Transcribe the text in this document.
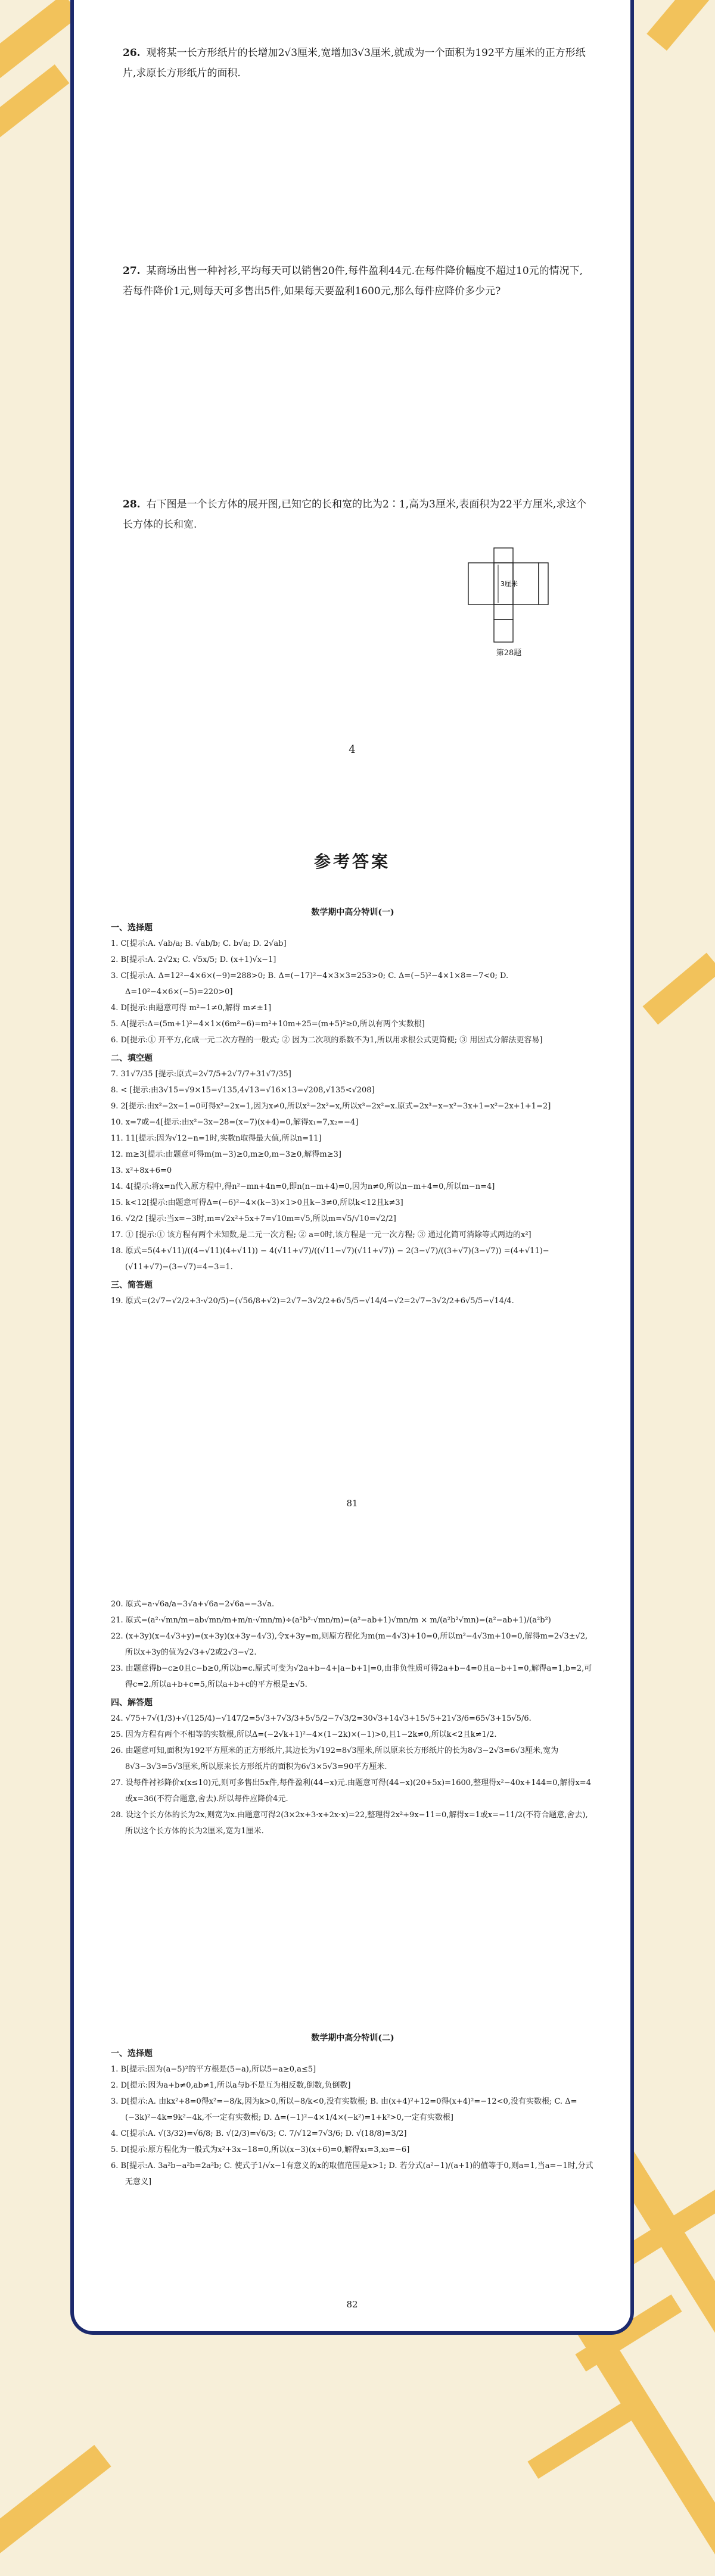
26. 观将某一长方形纸片的长增加2√3厘米,宽增加3√3厘米,就成为一个面积为192平方厘米的正方形纸片,求原长方形纸片的面积.
27. 某商场出售一种衬衫,平均每天可以销售20件,每件盈利44元.在每件降价幅度不超过10元的情况下,若每件降价1元,则每天可多售出5件,如果每天要盈利1600元,那么每件应降价多少元?
28. 右下图是一个长方体的展开图,已知它的长和宽的比为2∶1,高为3厘米,表面积为22平方厘米,求这个长方体的长和宽.
3厘米
第28题
4
参考答案
数学期中高分特训(一)
一、选择题
1. C[提示:A. √ab/a; B. √ab/b; C. b√a; D. 2√ab]
2. B[提示:A. 2√2x; C. √5x/5; D. (x+1)√x−1]
3. C[提示:A. Δ=12²−4×6×(−9)=288>0; B. Δ=(−17)²−4×3×3=253>0; C. Δ=(−5)²−4×1×8=−7<0; D. Δ=10²−4×6×(−5)=220>0]
4. D[提示:由题意可得 m²−1≠0,解得 m≠±1]
5. A[提示:Δ=(5m+1)²−4×1×(6m²−6)=m²+10m+25=(m+5)²≥0,所以有两个实数根]
6. D[提示:① 开平方,化成一元二次方程的一般式; ② 因为二次项的系数不为1,所以用求根公式更简便; ③ 用因式分解法更容易]
二、填空题
7. 31√7/35 [提示:原式=2√7/5+2√7/7+31√7/35]
8. < [提示:由3√15=√9×15=√135,4√13=√16×13=√208,√135<√208]
9. 2[提示:由x²−2x−1=0可得x²−2x=1,因为x≠0,所以x²−2x²=x,所以x³−2x²=x.原式=2x³−x−x²−3x+1=x²−2x+1+1=2]
10. x=7或−4[提示:由x²−3x−28=(x−7)(x+4)=0,解得x₁=7,x₂=−4]
11. 11[提示:因为√12−n=1时,实数n取得最大值,所以n=11]
12. m≥3[提示:由题意可得m(m−3)≥0,m≥0,m−3≥0,解得m≥3]
13. x²+8x+6=0
14. 4[提示:将x=n代入原方程中,得n²−mn+4n=0,即n(n−m+4)=0,因为n≠0,所以n−m+4=0,所以m−n=4]
15. k<12[提示:由题意可得Δ=(−6)²−4×(k−3)×1>0且k−3≠0,所以k<12且k≠3]
16. √2/2 [提示:当x=−3时,m=√2x²+5x+7=√10m=√5,所以m=√5/√10=√2/2]
17. ① [提示:① 该方程有两个未知数,是二元一次方程; ② a=0时,该方程是一元一次方程; ③ 通过化简可消除等式两边的x²]
18. 原式=5(4+√11)/((4−√11)(4+√11)) − 4(√11+√7)/((√11−√7)(√11+√7)) − 2(3−√7)/((3+√7)(3−√7)) =(4+√11)−(√11+√7)−(3−√7)=4−3=1.
三、简答题
19. 原式=(2√7−√2/2+3·√20/5)−(√56/8+√2)=2√7−3√2/2+6√5/5−√14/4−√2=2√7−3√2/2+6√5/5−√14/4.
81
20. 原式=a·√6a/a−3√a+√6a−2√6a=−3√a.
21. 原式=(a²·√mn/m−ab√mn/m+m/n·√mn/m)÷(a²b²·√mn/m)=(a²−ab+1)√mn/m × m/(a²b²√mn)=(a²−ab+1)/(a²b²)
22. (x+3y)(x−4√3+y)=(x+3y)(x+3y−4√3),令x+3y=m,则原方程化为m(m−4√3)+10=0,所以m²−4√3m+10=0,解得m=2√3±√2,所以x+3y的值为2√3+√2或2√3−√2.
23. 由题意得b−c≥0且c−b≥0,所以b=c.原式可变为√2a+b−4+|a−b+1|=0,由非负性质可得2a+b−4=0且a−b+1=0,解得a=1,b=2,可得c=2.所以a+b+c=5,所以a+b+c的平方根是±√5.
四、解答题
24. √75+7√(1/3)+√(125/4)−√147/2=5√3+7√3/3+5√5/2−7√3/2=30√3+14√3+15√5+21√3/6=65√3+15√5/6.
25. 因为方程有两个不相等的实数根,所以Δ=(−2√k+1)²−4×(1−2k)×(−1)>0,且1−2k≠0,所以k<2且k≠1/2.
26. 由题意可知,面积为192平方厘米的正方形纸片,其边长为√192=8√3厘米,所以原来长方形纸片的长为8√3−2√3=6√3厘米,宽为8√3−3√3=5√3厘米,所以原来长方形纸片的面积为6√3×5√3=90平方厘米.
27. 设每件衬衫降价x(x≤10)元,则可多售出5x件,每件盈利(44−x)元.由题意可得(44−x)(20+5x)=1600,整理得x²−40x+144=0,解得x=4或x=36(不符合题意,舍去).所以每件应降价4元.
28. 设这个长方体的长为2x,则宽为x.由题意可得2(3×2x+3·x+2x·x)=22,整理得2x²+9x−11=0,解得x=1或x=−11/2(不符合题意,舍去),所以这个长方体的长为2厘米,宽为1厘米.
数学期中高分特训(二)
一、选择题
1. B[提示:因为(a−5)²的平方根是(5−a),所以5−a≥0,a≤5]
2. D[提示:因为a+b≠0,ab≠1,所以a与b不是互为相反数,倒数,负倒数]
3. D[提示:A. 由kx²+8=0得x²=−8/k,因为k>0,所以−8/k<0,没有实数根; B. 由(x+4)²+12=0得(x+4)²=−12<0,没有实数根; C. Δ=(−3k)²−4k=9k²−4k,不一定有实数根; D. Δ=(−1)²−4×1/4×(−k²)=1+k²>0,一定有实数根]
4. C[提示:A. √(3/32)=√6/8; B. √(2/3)=√6/3; C. 7/√12=7√3/6; D. √(18/8)=3/2]
5. D[提示:原方程化为一般式为x²+3x−18=0,所以(x−3)(x+6)=0,解得x₁=3,x₂=−6]
6. B[提示:A. 3a²b−a²b=2a²b; C. 使式子1/√x−1有意义的x的取值范围是x>1; D. 若分式(a²−1)/(a+1)的值等于0,则a=1,当a=−1时,分式无意义]
82
